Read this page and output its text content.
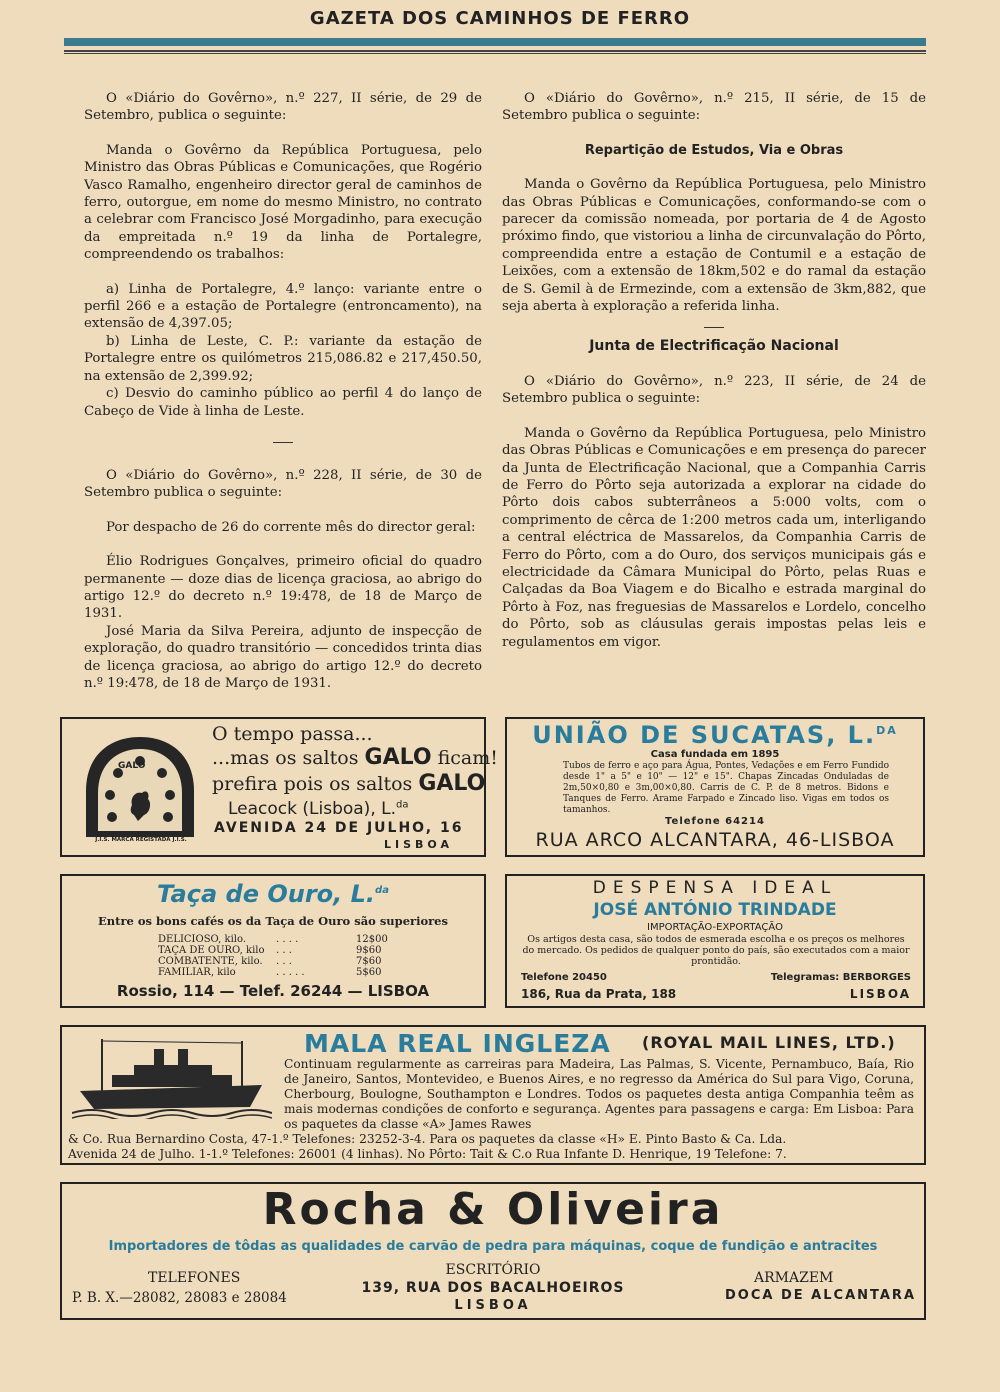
GAZETA DOS CAMINHOS DE FERRO

O «Diário do Govêrno», n.º 227, II série, de 29 de Setembro, publica o seguinte:

Manda o Govêrno da República Portuguesa, pelo Ministro das Obras Públicas e Comunicações, que Rogério Vasco Ramalho, engenheiro director geral de caminhos de ferro, outorgue, em nome do mesmo Ministro, no contrato a celebrar com Francisco José Morgadinho, para execução da empreitada n.º 19 da linha de Portalegre, compreendendo os trabalhos:

a) Linha de Portalegre, 4.º lanço: variante entre o perfil 266 e a estação de Portalegre (entroncamento), na extensão de 4,397.05;

b) Linha de Leste, C. P.: variante da estação de Portalegre entre os quilómetros 215,086.82 e 217,450.50, na extensão de 2,399.92;

c) Desvio do caminho público ao perfil 4 do lanço de Cabeço de Vide à linha de Leste.

O «Diário do Govêrno», n.º 228, II série, de 30 de Setembro publica o seguinte:

Por despacho de 26 do corrente mês do director geral:

Élio Rodrigues Gonçalves, primeiro oficial do quadro permanente — doze dias de licença graciosa, ao abrigo do artigo 12.º do decreto n.º 19:478, de 18 de Março de 1931.

José Maria da Silva Pereira, adjunto de inspecção de exploração, do quadro transitório — concedidos trinta dias de licença graciosa, ao abrigo do artigo 12.º do decreto n.º 19:478, de 18 de Março de 1931.

O «Diário do Govêrno», n.º 215, II série, de 15 de Setembro publica o seguinte:

Repartição de Estudos, Via e Obras

Manda o Govêrno da República Portuguesa, pelo Ministro das Obras Públicas e Comunicações, conformando-se com o parecer da comissão nomeada, por portaria de 4 de Agosto próximo findo, que vistoriou a linha de circunvalação do Pôrto, compreendida entre a estação de Contumil e a estação de Leixões, com a extensão de 18km,502 e do ramal da estação de S. Gemil à de Ermezinde, com a extensão de 3km,882, que seja aberta à exploração a referida linha.

Junta de Electrificação Nacional

O «Diário do Govêrno», n.º 223, II série, de 24 de Setembro publica o seguinte:

Manda o Govêrno da República Portuguesa, pelo Ministro das Obras Públicas e Comunicações e em presença do parecer da Junta de Electrificação Nacional, que a Companhia Carris de Ferro do Pôrto seja autorizada a explorar na cidade do Pôrto dois cabos subterrâneos a 5:000 volts, com o comprimento de cêrca de 1:200 metros cada um, interligando a central eléctrica de Massarelos, da Companhia Carris de Ferro do Pôrto, com a do Ouro, dos serviços municipais gás e electricidade da Câmara Municipal do Pôrto, pelas Ruas e Calçadas da Boa Viagem e do Bicalho e estrada marginal do Pôrto à Foz, nas freguesias de Massarelos e Lordelo, concelho do Pôrto, sob as cláusulas gerais impostas pelas leis e regulamentos em vigor.

GALO
J.I.S. MARCA REGISTADA J.I.S.
O tempo passa...
...mas os saltos GALO ficam!
prefira pois os saltos GALO
Leacock (Lisboa), L.$^{da}$
AVENIDA 24 DE JULHO, 16
LISBOA
UNIÃO DE SUCATAS, L.$^{DA}$
Casa fundada em 1895
Tubos de ferro e aço para Água, Pontes, Vedações e em Ferro Fundido desde 1" a 5" e 10" — 12" e 15". Chapas Zincadas Onduladas de 2m,50×0,80 e 3m,00×0,80. Carris de C. P. de 8 metros. Bidons e Tanques de Ferro. Arame Farpado e Zincado liso. Vigas em todos os tamanhos.
Telefone 64214
RUA ARCO ALCANTARA, 46-LISBOA
Taça de Ouro, L.$^{da}$
Entre os bons cafés os da Taça de Ouro são superiores
DELICIOSO, kilo.	. . . .	12$00
TAÇA DE OURO, kilo	. . .	9$60
COMBATENTE, kilo.	. . .	7$60
FAMILIAR, kilo	. . . . .	5$60
Rossio, 114 — Telef. 26244 — LISBOA
DESPENSA IDEAL
JOSÉ ANTÓNIO TRINDADE
IMPORTAÇÃO-EXPORTAÇÃO
Os artigos desta casa, são todos de esmerada escolha e os preços os melhores do mercado. Os pedidos de qualquer ponto do país, são executados com a maior prontidão.
Telefone 20450	Telegramas: BERBORGES
186, Rua da Prata, 188	LISBOA
MALA REAL INGLEZA (ROYAL MAIL LINES, LTD.)
Continuam regularmente as carreiras para Madeira, Las Palmas, S. Vicente, Pernambuco, Baía, Rio de Janeiro, Santos, Montevideo, e Buenos Aires, e no regresso da América do Sul para Vigo, Coruna, Cherbourg, Boulogne, Southampton e Londres. Todos os paquetes desta antiga Companhia teêm as mais modernas condições de conforto e segurança. Agentes para passagens e carga: Em Lisboa: Para os paquetes da classe «A» James Rawes
& Co. Rua Bernardino Costa, 47-1.º Telefones: 23252-3-4. Para os paquetes da classe «H» E. Pinto Basto & Ca. Lda.
Avenida 24 de Julho. 1-1.º Telefones: 26001 (4 linhas). No Pôrto: Tait & C.o Rua Infante D. Henrique, 19 Telefone: 7.
Rocha & Oliveira
Importadores de tôdas as qualidades de carvão de pedra para máquinas, coque de fundição e antracites
TELEFONES
P. B. X.—28082, 28083 e 28084
ESCRITÓRIO
139, RUA DOS BACALHOEIROS
LISBOA
ARMAZEM
DOCA DE ALCANTARA
